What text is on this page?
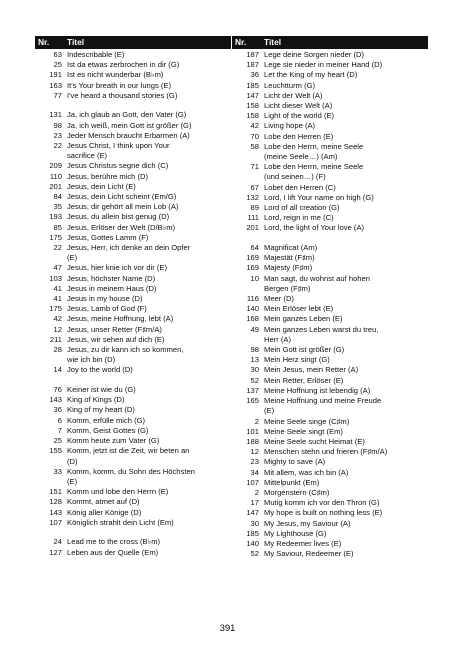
Nr. Titel
63 Indescribable (E)
25 Ist da etwas zerbrochen in dir (G)
191 Ist es nicht wunderbar (B♭m)
163 It's Your breath in our lungs (E)
77 I've heard a thousand stories (G)
131 Ja, ich glaub an Gott, den Vater (G)
98 Ja, ich weiß, mein Gott ist größer (G)
23 Jeder Mensch braucht Erbarmen (A)
22 Jesus Christ, I think upon Your
sacrifice (E)
209 Jesus Christus segne dich (C)
110 Jesus, berühre mich (D)
201 Jesus, dein Licht (E)
84 Jesus, dein Licht scheint (Em/G)
35 Jesus, dir gehört all mein Lob (A)
193 Jesus, du allein bist genug (D)
85 Jesus, Erlöser der Welt (D/B♭m)
175 Jesus, Gottes Lamm (F)
22 Jesus, Herr, ich denke an dein Opfer
(E)
47 Jesus, hier knie ich vor dir (E)
103 Jesus, höchster Name (D)
41 Jesus in meinem Haus (D)
41 Jesus in my house (D)
175 Jesus, Lamb of God (F)
42 Jesus, meine Hoffnung, lebt (A)
12 Jesus, unser Retter (F♯m/A)
211 Jesus, wir sehen auf dich (E)
28 Jesus, zu dir kann ich so kommen,
wie ich bin (D)
14 Joy to the world (D)
76 Keiner ist wie du (G)
143 King of Kings (D)
36 King of my heart (D)
6 Komm, erfülle mich (G)
7 Komm, Geist Gottes (G)
25 Komm heute zum Vater (G)
155 Komm, jetzt ist die Zeit, wir beten an
(D)
33 Komm, komm, du Sohn des Höchsten
(E)
151 Komm und lobe den Herrn (E)
128 Kommt, atmet auf (D)
143 König aller Könige (D)
107 Königlich strahlt dein Licht (Em)
24 Lead me to the cross (B♭m)
127 Leben aus der Quelle (Em)
Nr. Titel
187 Lege deine Sorgen nieder (D)
187 Lege sie nieder in meiner Hand (D)
36 Let the King of my heart (D)
185 Leuchtturm (G)
147 Licht der Welt (A)
158 Licht dieser Welt (A)
158 Light of the world (E)
42 Living hope (A)
70 Lobe den Herren (E)
58 Lobe den Herrn, meine Seele
(meine Seele…) (Am)
71 Lobe den Herrn, meine Seele
(und seinen…) (F)
67 Lobet den Herren (C)
132 Lord, I lift Your name on high (G)
89 Lord of all creation (G)
111 Lord, reign in me (C)
201 Lord, the light of Your love (A)
64 Magnificat (Am)
169 Majestät (F♯m)
169 Majesty (F♯m)
10 Man sagt, du wohnst auf hohen
Bergen (F♯m)
116 Meer (D)
140 Mein Erlöser lebt (E)
168 Mein ganzes Leben (E)
49 Mein ganzes Leben warst du treu,
Herr (A)
98 Mein Gott ist größer (G)
13 Mein Herz singt (G)
30 Mein Jesus, mein Retter (A)
52 Mein Retter, Erlöser (E)
137 Meine Hoffnung ist lebendig (A)
165 Meine Hoffnung und meine Freude
(E)
2 Meine Seele singe (C♯m)
101 Meine Seele singt (Em)
188 Meine Seele sucht Heimat (E)
12 Menschen stehn und frieren (F♯m/A)
23 Mighty to save (A)
34 Mit allem, was ich bin (A)
107 Mittelpunkt (Em)
2 Morgenstern (C♯m)
17 Mutig komm ich vor den Thron (G)
147 My hope is built on nothing less (E)
30 My Jesus, my Saviour (A)
185 My Lighthouse (G)
140 My Redeemer lives (E)
52 My Saviour, Redeemer (E)
391
